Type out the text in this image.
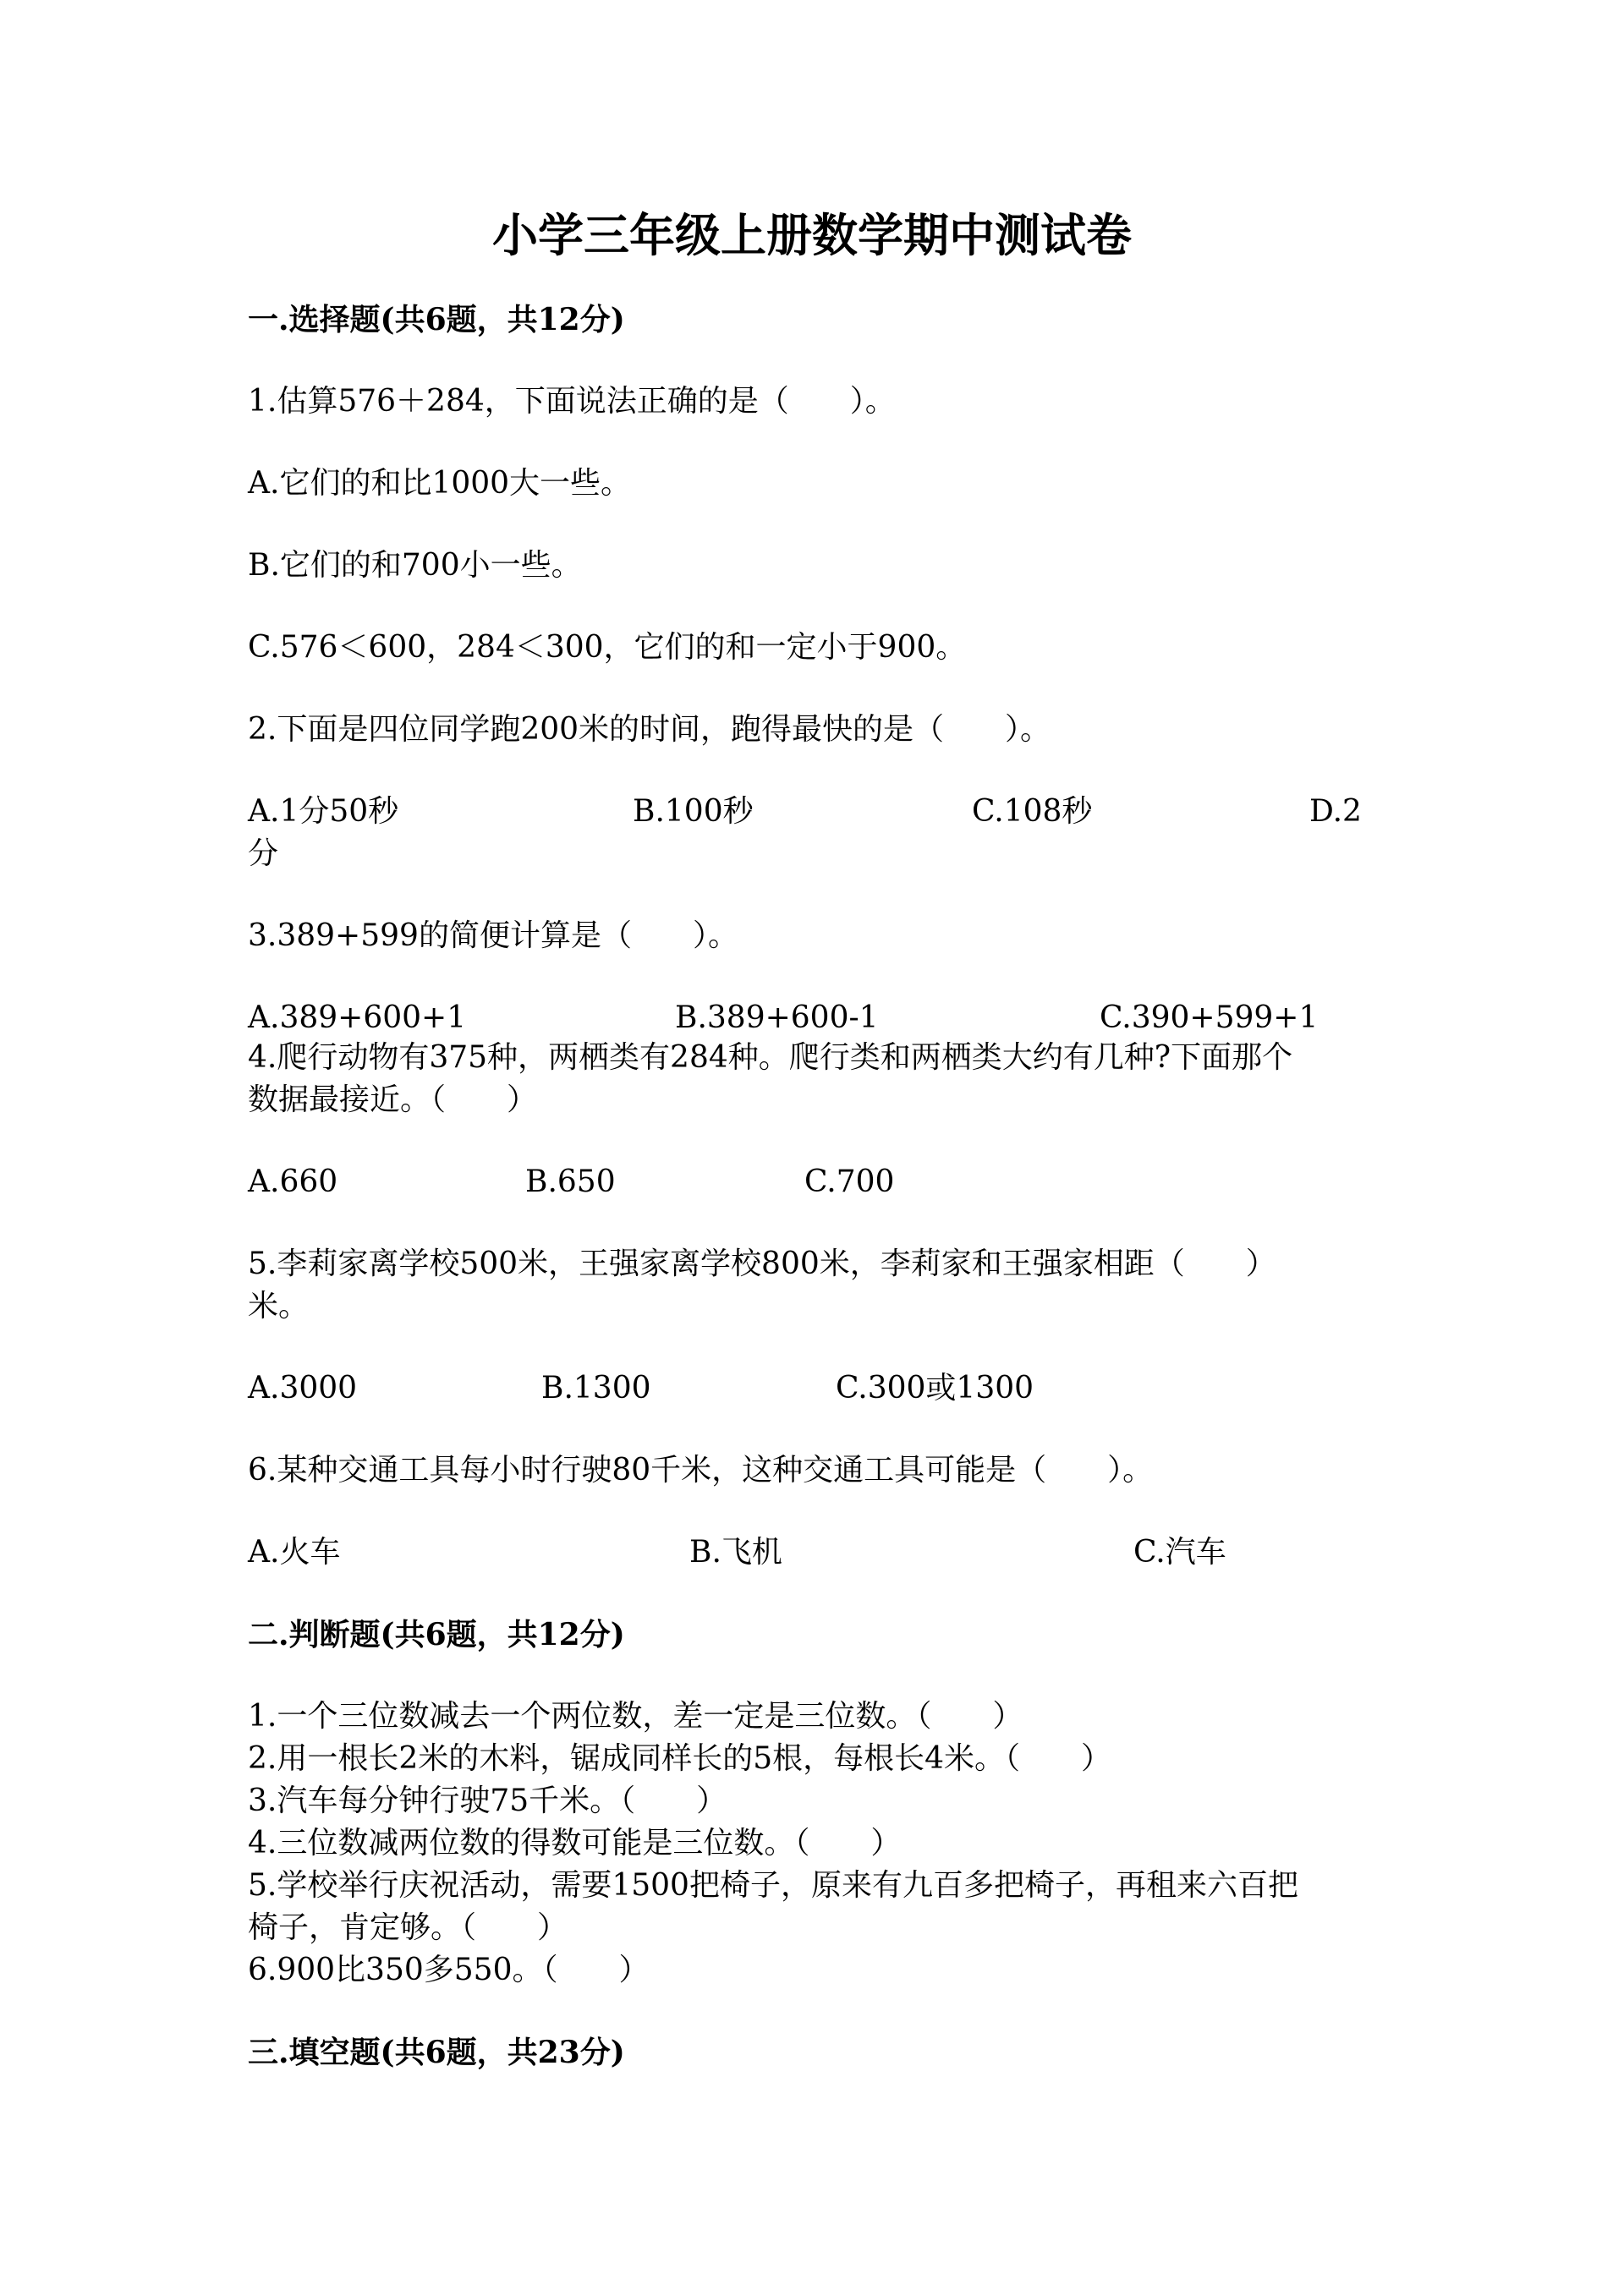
小学三年级上册数学期中测试卷
一.选择题(共6题，共12分)
1.估算576＋284，下面说法正确的是（　　）。
A.它们的和比1000大一些。
B.它们的和700小一些。
C.576＜600，284＜300，它们的和一定小于900。
2.下面是四位同学跑200米的时间，跑得最快的是（　　）。
A.1分50秒	B.100秒	C.108秒	D.2
分
3.389+599的简便计算是（　　）。
A.389+600+1	B.389+600-1	C.390+599+1
4.爬行动物有375种，两栖类有284种。爬行类和两栖类大约有几种?下面那个
数据最接近。（　　）
A.660	B.650	C.700
5.李莉家离学校500米，王强家离学校800米，李莉家和王强家相距（　　）
米。
A.3000	B.1300	C.300或1300
6.某种交通工具每小时行驶80千米，这种交通工具可能是（　　）。
A.火车	B.飞机	C.汽车
二.判断题(共6题，共12分)
1.一个三位数减去一个两位数，差一定是三位数。（　　）
2.用一根长2米的木料，锯成同样长的5根，每根长4米。（　　）
3.汽车每分钟行驶75千米。（　　）
4.三位数减两位数的得数可能是三位数。（　　）
5.学校举行庆祝活动，需要1500把椅子，原来有九百多把椅子，再租来六百把
椅子，肯定够。（　　）
6.900比350多550。（　　）
三.填空题(共6题，共23分)
